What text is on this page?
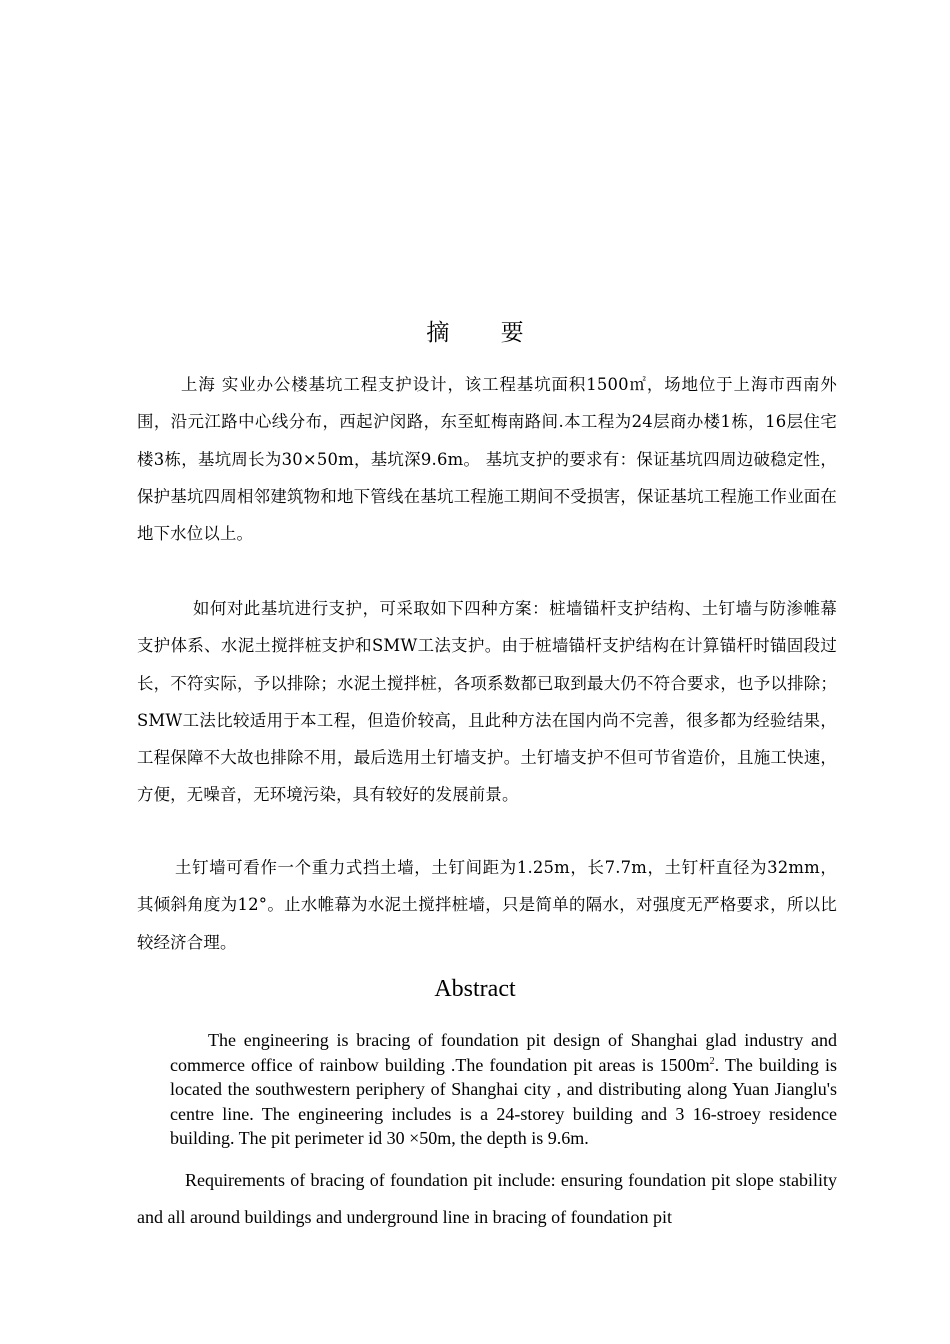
摘 要

上海 实业办公楼基坑工程支护设计，该工程基坑面积1500㎡，场地位于上海市西南外围，沿元江路中心线分布，西起沪闵路，东至虹梅南路间.本工程为24层商办楼1栋，16层住宅楼3栋，基坑周长为30×50m，基坑深9.6m。 基坑支护的要求有：保证基坑四周边破稳定性，保护基坑四周相邻建筑物和地下管线在基坑工程施工期间不受损害，保证基坑工程施工作业面在地下水位以上。

如何对此基坑进行支护，可采取如下四种方案：桩墙锚杆支护结构、土钉墙与防渗帷幕支护体系、水泥土搅拌桩支护和SMW工法支护。由于桩墙锚杆支护结构在计算锚杆时锚固段过长，不符实际，予以排除；水泥土搅拌桩，各项系数都已取到最大仍不符合要求，也予以排除；SMW工法比较适用于本工程，但造价较高，且此种方法在国内尚不完善，很多都为经验结果，工程保障不大故也排除不用，最后选用土钉墙支护。土钉墙支护不但可节省造价，且施工快速，方便，无噪音，无环境污染，具有较好的发展前景。

土钉墙可看作一个重力式挡土墙，土钉间距为1.25m，长7.7m，土钉杆直径为32mm，其倾斜角度为12°。止水帷幕为水泥土搅拌桩墙，只是简单的隔水，对强度无严格要求，所以比较经济合理。

Abstract

The engineering is bracing of foundation pit design of Shanghai glad industry and commerce office of rainbow building .The foundation pit areas is $1500m^2$. The building is located the southwestern periphery of Shanghai city , and distributing along Yuan Jianglu's centre line. The engineering includes is a 24-storey building and 3 16-stroey residence building. The pit perimeter id 30 ×50m, the depth is 9.6m.

Requirements of bracing of foundation pit include: ensuring foundation pit slope stability and all around buildings and underground line in bracing of foundation pit
